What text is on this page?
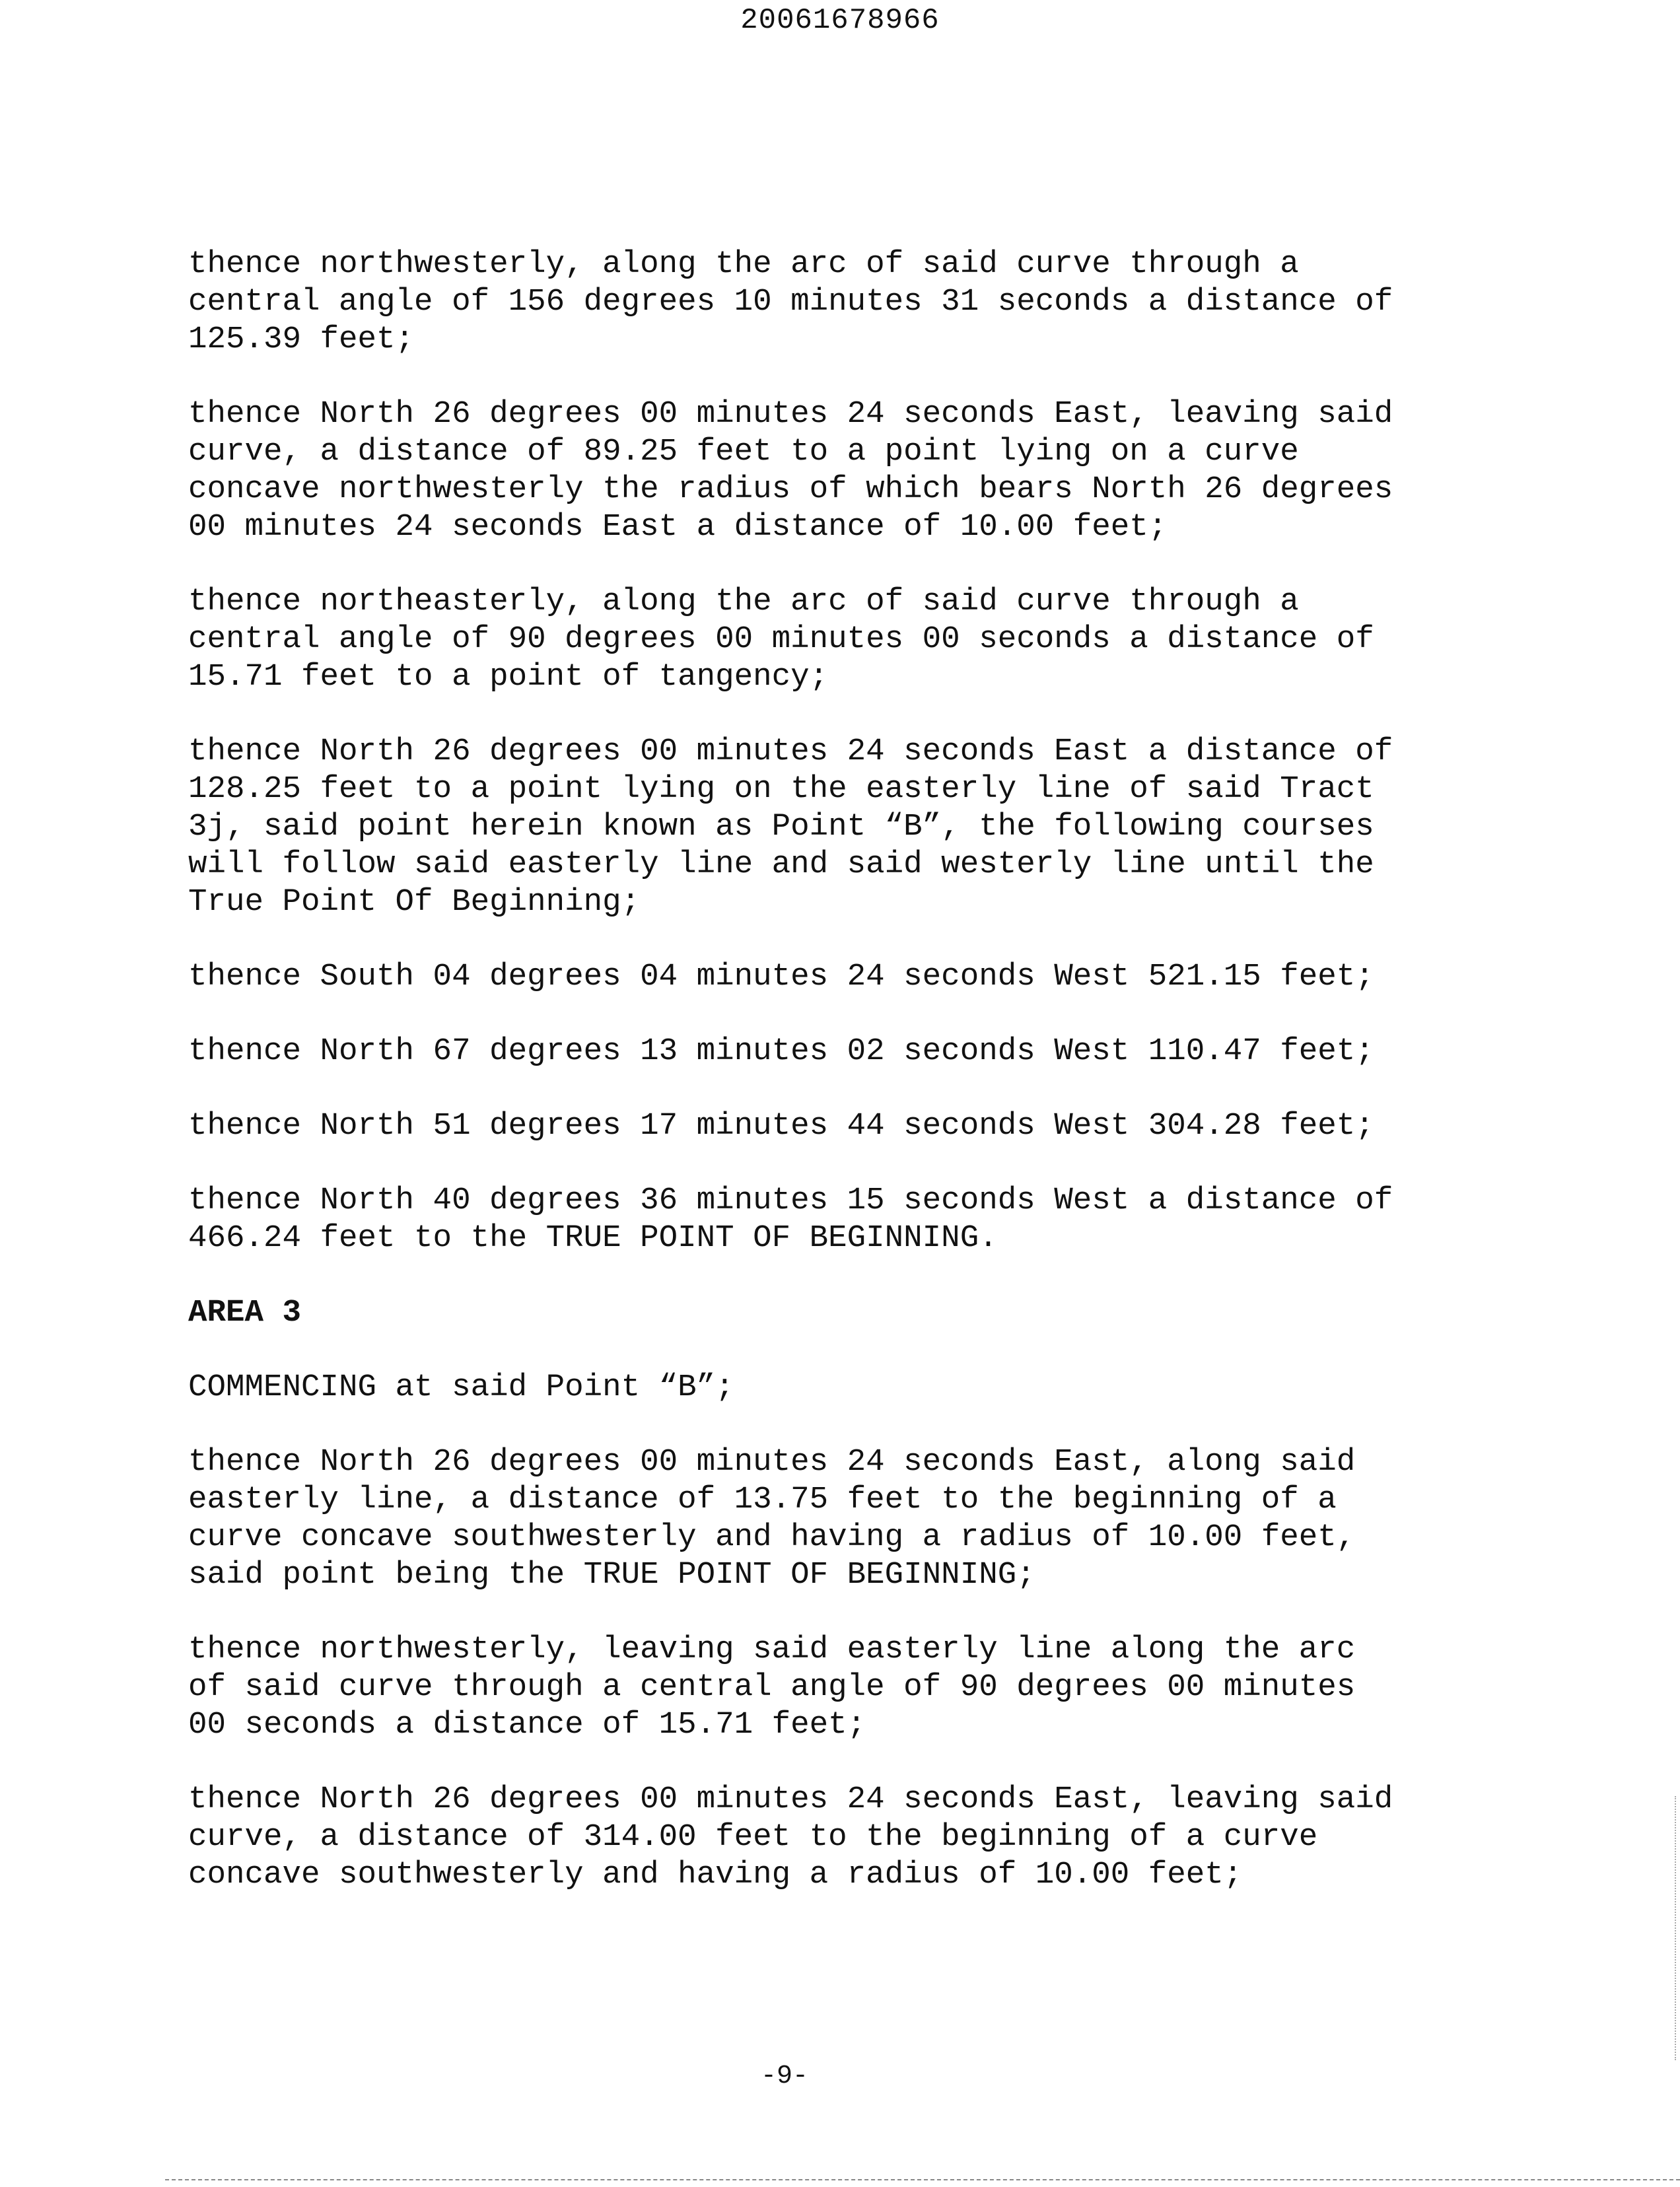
20061678966

thence northwesterly, along the arc of said curve through a
central angle of 156 degrees 10 minutes 31 seconds a distance of
125.39 feet;

thence North 26 degrees 00 minutes 24 seconds East, leaving said
curve, a distance of 89.25 feet to a point lying on a curve
concave northwesterly the radius of which bears North 26 degrees
00 minutes 24 seconds East a distance of 10.00 feet;

thence northeasterly, along the arc of said curve through a
central angle of 90 degrees 00 minutes 00 seconds a distance of
15.71 feet to a point of tangency;

thence North 26 degrees 00 minutes 24 seconds East a distance of
128.25 feet to a point lying on the easterly line of said Tract
3j, said point herein known as Point “B”, the following courses
will follow said easterly line and said westerly line until the
True Point Of Beginning;

thence South 04 degrees 04 minutes 24 seconds West 521.15 feet;

thence North 67 degrees 13 minutes 02 seconds West 110.47 feet;

thence North 51 degrees 17 minutes 44 seconds West 304.28 feet;

thence North 40 degrees 36 minutes 15 seconds West a distance of
466.24 feet to the TRUE POINT OF BEGINNING.

AREA 3

COMMENCING at said Point “B”;

thence North 26 degrees 00 minutes 24 seconds East, along said
easterly line, a distance of 13.75 feet to the beginning of a
curve concave southwesterly and having a radius of 10.00 feet,
said point being the TRUE POINT OF BEGINNING;

thence northwesterly, leaving said easterly line along the arc
of said curve through a central angle of 90 degrees 00 minutes
00 seconds a distance of 15.71 feet;

thence North 26 degrees 00 minutes 24 seconds East, leaving said
curve, a distance of 314.00 feet to the beginning of a curve
concave southwesterly and having a radius of 10.00 feet;

-9-
